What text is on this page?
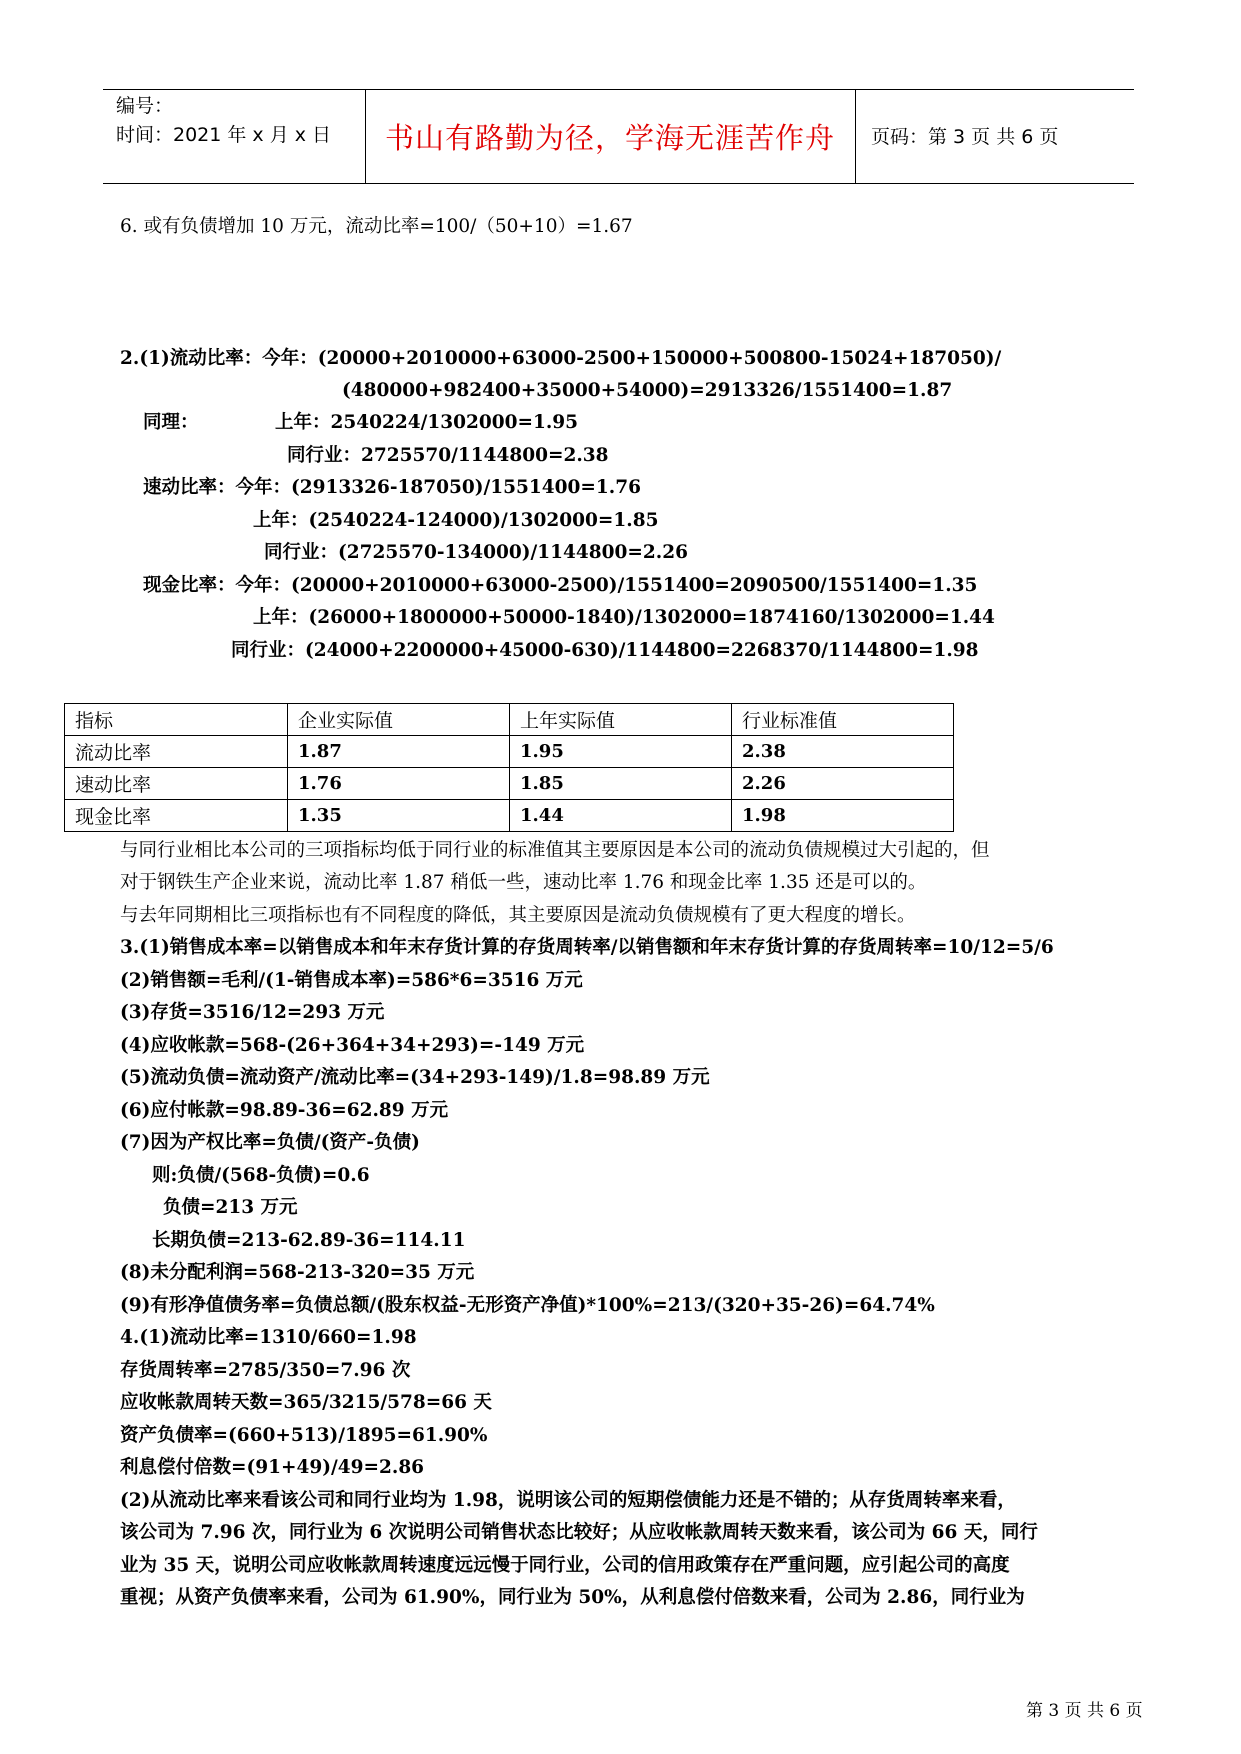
编号：
时间：2021 年 x 月 x 日	书山有路勤为径，学海无涯苦作舟	页码：第 3 页 共 6 页
6. 或有负债增加 10 万元，流动比率=100/（50+10）=1.67
2.(1)流动比率：今年：(20000+2010000+63000-2500+150000+500800-15024+187050)/
(480000+982400+35000+54000)=2913326/1551400=1.87
同理：	上年：2540224/1302000=1.95
同行业：2725570/1144800=2.38
速动比率：今年：(2913326-187050)/1551400=1.76
上年：(2540224-124000)/1302000=1.85
同行业：(2725570-134000)/1144800=2.26
现金比率：今年：(20000+2010000+63000-2500)/1551400=2090500/1551400=1.35
上年：(26000+1800000+50000-1840)/1302000=1874160/1302000=1.44
同行业：(24000+2200000+45000-630)/1144800=2268370/1144800=1.98
指标	企业实际值	上年实际值	行业标准值
流动比率	1.87	1.95	2.38
速动比率	1.76	1.85	2.26
现金比率	1.35	1.44	1.98
与同行业相比本公司的三项指标均低于同行业的标准值其主要原因是本公司的流动负债规模过大引起的，但
对于钢铁生产企业来说，流动比率 1.87 稍低一些，速动比率 1.76 和现金比率 1.35 还是可以的。
与去年同期相比三项指标也有不同程度的降低，其主要原因是流动负债规模有了更大程度的增长。
3.(1)销售成本率=以销售成本和年末存货计算的存货周转率/以销售额和年末存货计算的存货周转率=10/12=5/6
(2)销售额=毛利/(1-销售成本率)=586*6=3516 万元
(3)存货=3516/12=293 万元
(4)应收帐款=568-(26+364+34+293)=-149 万元
(5)流动负债=流动资产/流动比率=(34+293-149)/1.8=98.89 万元
(6)应付帐款=98.89-36=62.89 万元
(7)因为产权比率=负债/(资产-负债)
则:负债/(568-负债)=0.6
负债=213 万元
长期负债=213-62.89-36=114.11
(8)未分配利润=568-213-320=35 万元
(9)有形净值债务率=负债总额/(股东权益-无形资产净值)*100%=213/(320+35-26)=64.74%
4.(1)流动比率=1310/660=1.98
存货周转率=2785/350=7.96 次
应收帐款周转天数=365/3215/578=66 天
资产负债率=(660+513)/1895=61.90%
利息偿付倍数=(91+49)/49=2.86
(2)从流动比率来看该公司和同行业均为 1.98，说明该公司的短期偿债能力还是不错的；从存货周转率来看，
该公司为 7.96 次，同行业为 6 次说明公司销售状态比较好；从应收帐款周转天数来看，该公司为 66 天，同行
业为 35 天，说明公司应收帐款周转速度远远慢于同行业，公司的信用政策存在严重问题，应引起公司的高度
重视；从资产负债率来看，公司为 61.90%，同行业为 50%，从利息偿付倍数来看，公司为 2.86，同行业为
第 3 页 共 6 页
